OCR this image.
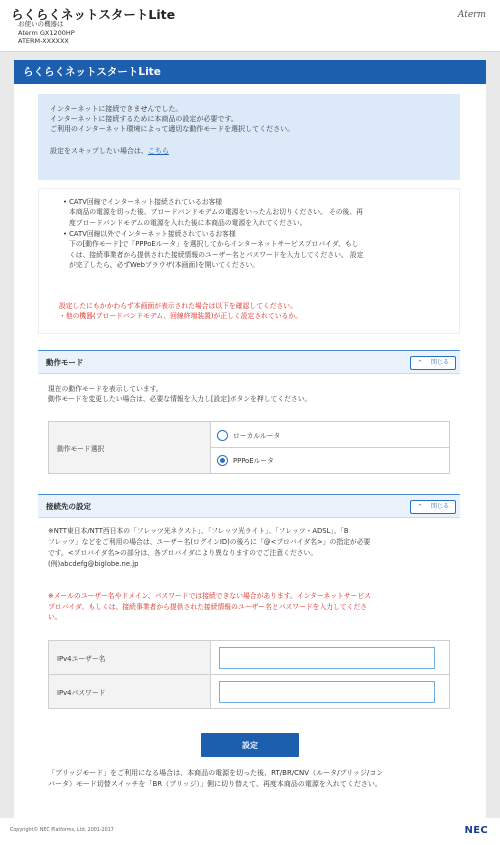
らくらくネットスタートLite
お使いの機器は
Aterm GX1200HP
ATERM-XXXXXX
Aterm
らくらくネットスタートLite
インターネットに接続できませんでした。
インターネットに接続するために本商品の設定が必要です。
ご利用のインターネット環境によって適切な動作モードを選択してください。
設定をスキップしたい場合は、こちら
• CATV回線でインターネット接続されているお客様
本商品の電源を切った後、ブロードバンドモデムの電源をいったんお切りください。 その後、再
度ブロードバンドモデムの電源を入れた後に本商品の電源を入れてください。
• CATV回線以外でインターネット接続されているお客様
下の[動作モード]で「PPPoEルータ」を選択してからインターネットサービスプロバイダ、もし
くは、接続事業者から提供された接続情報のユーザー名とパスワードを入力してください。 設定
が完了したら、必ずWebブラウザ(本画面)を開いてください。
設定したにもかかわらず本画面が表示された場合は以下を確認してください。
・他の機器(ブロードバンドモデム、回線終端装置)が正しく設定されているか。
動作モード	⌃ 閉じる
現在の動作モードを表示しています。
動作モードを変更したい場合は、必要な情報を入力し[設定]ボタンを押してください。
動作モード選択	
ローカルルータ
PPPoEルータ
接続先の設定	⌃ 閉じる
※NTT東日本/NTT西日本の「フレッツ光ネクスト」、「フレッツ光ライト」、「フレッツ・ADSL」、「B
フレッツ」などをご利用の場合は、ユーザー名(ログインID)の後ろに「@<プロバイダ名>」の指定が必要
です。<プロバイダ名>の部分は、各プロバイダにより異なりますのでご注意ください。
(例)abcdefg@biglobe.ne.jp
※メールのユーザー名やドメイン、パスワードでは接続できない場合があります。インターネットサービス
プロバイダ、もしくは、接続事業者から提供された接続情報のユーザー名とパスワードを入力してくださ
い。
IPv4ユーザー名	

IPv4パスワード	
設定
「ブリッジモード」をご利用になる場合は、本商品の電源を切った後、RT/BR/CNV（ルータ/ブリッジ/コン
バータ）モード切替スイッチを「BR（ブリッジ）」側に切り替えて、再度本商品の電源を入れてください。
Copyright© NEC Platforms, Ltd. 2001-2017	NEC
